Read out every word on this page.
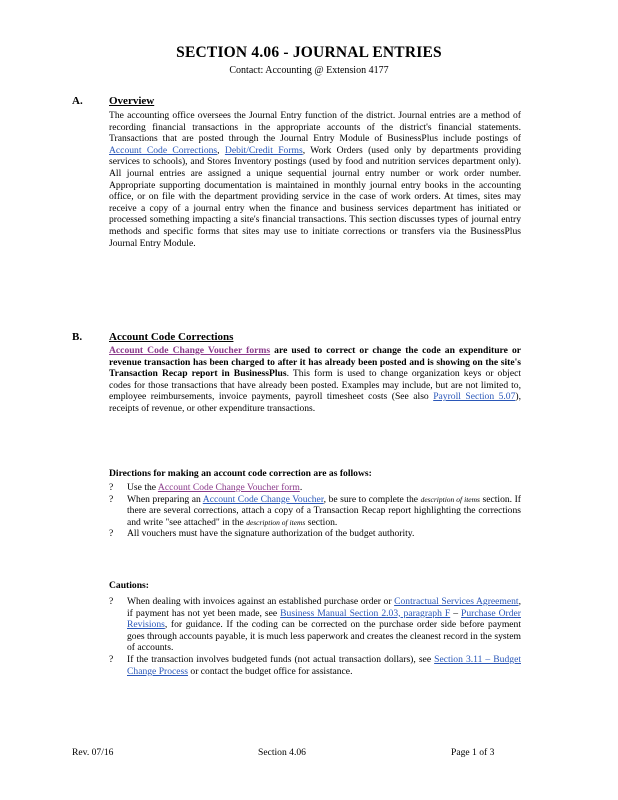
SECTION 4.06 - JOURNAL ENTRIES
Contact: Accounting @ Extension 4177
A. Overview

The accounting office oversees the Journal Entry function of the district. Journal entries are a method of recording financial transactions in the appropriate accounts of the district's financial statements. Transactions that are posted through the Journal Entry Module of BusinessPlus include postings of Account Code Corrections, Debit/Credit Forms, Work Orders (used only by departments providing services to schools), and Stores Inventory postings (used by food and nutrition services department only). All journal entries are assigned a unique sequential journal entry number or work order number. Appropriate supporting documentation is maintained in monthly journal entry books in the accounting office, or on file with the department providing service in the case of work orders. At times, sites may receive a copy of a journal entry when the finance and business services department has initiated or processed something impacting a site's financial transactions. This section discusses types of journal entry methods and specific forms that sites may use to initiate corrections or transfers via the BusinessPlus Journal Entry Module.

B. Account Code Corrections

Account Code Change Voucher forms are used to correct or change the code an expenditure or revenue transaction has been charged to after it has already been posted and is showing on the site's Transaction Recap report in BusinessPlus. This form is used to change organization keys or object codes for those transactions that have already been posted. Examples may include, but are not limited to, employee reimbursements, invoice payments, payroll timesheet costs (See also Payroll Section 5.07), receipts of revenue, or other expenditure transactions.

Directions for making an account code correction are as follows:
? Use the Account Code Change Voucher form.
? When preparing an Account Code Change Voucher, be sure to complete the description of items section. If there are several corrections, attach a copy of a Transaction Recap report highlighting the corrections and write "see attached" in the description of items section.
? All vouchers must have the signature authorization of the budget authority.
Cautions:
? When dealing with invoices against an established purchase order or Contractual Services Agreement, if payment has not yet been made, see Business Manual Section 2.03, paragraph F – Purchase Order Revisions, for guidance. If the coding can be corrected on the purchase order side before payment goes through accounts payable, it is much less paperwork and creates the cleanest record in the system of accounts.
? If the transaction involves budgeted funds (not actual transaction dollars), see Section 3.11 – Budget Change Process or contact the budget office for assistance.
Rev. 07/16	Section 4.06	Page 1 of 3
